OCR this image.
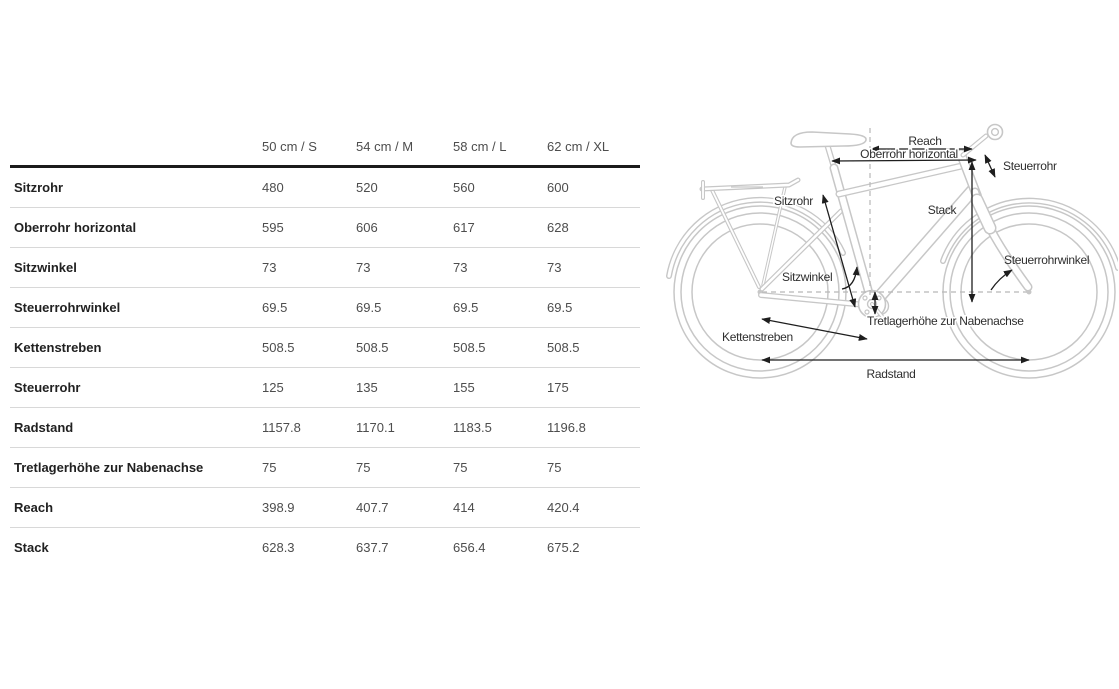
	50 cm / S	54 cm / M	58 cm / L	62 cm / XL
Sitzrohr	480	520	560	600
Oberrohr horizontal	595	606	617	628
Sitzwinkel	73	73	73	73
Steuerrohrwinkel	69.5	69.5	69.5	69.5
Kettenstreben	508.5	508.5	508.5	508.5
Steuerrohr	125	135	155	175
Radstand	1157.8	1170.1	1183.5	1196.8
Tretlagerhöhe zur Nabenachse	75	75	75	75
Reach	398.9	407.7	414	420.4
Stack	628.3	637.7	656.4	675.2
Reach
Oberrohr horizontal
Steuerrohr
Stack
Sitzrohr
Sitzwinkel
Steuerrohrwinkel
Tretlagerhöhe zur Nabenachse
Kettenstreben
Radstand
